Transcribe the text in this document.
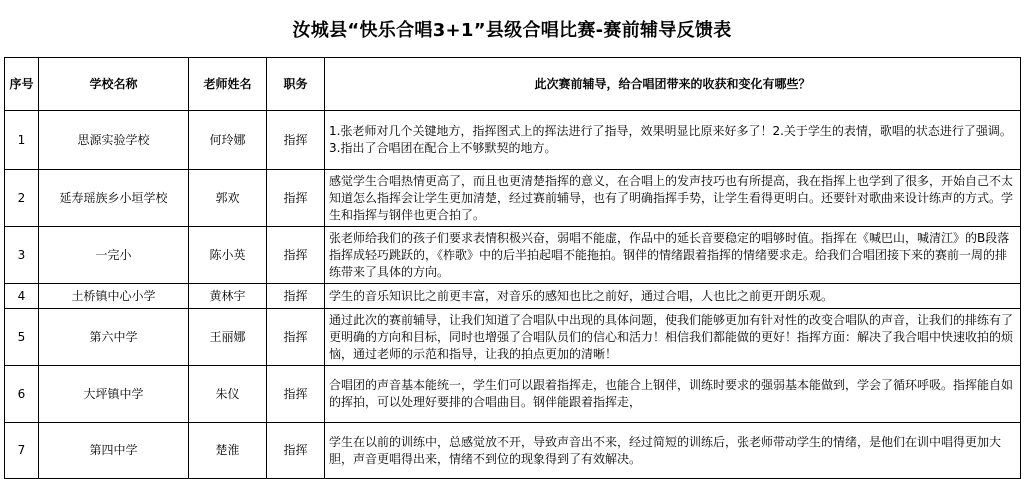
汝城县“快乐合唱3+1”县级合唱比赛-赛前辅导反馈表
序号	学校名称	老师姓名	职务	此次赛前辅导，给合唱团带来的收获和变化有哪些？
1	思源实验学校	何玲娜	指挥	1.张老师对几个关键地方，指挥图式上的挥法进行了指导，效果明显比原来好多了！2.关于学生的表情，歌唱的状态进行了强调。3.指出了合唱团在配合上不够默契的地方。
2	延寿瑶族乡小垣学校	郭欢	指挥	感觉学生合唱热情更高了，而且也更清楚指挥的意义，在合唱上的发声技巧也有所提高，我在指挥上也学到了很多，开始自己不太知道怎么指挥会让学生更加清楚，经过赛前辅导，也有了明确指挥手势，让学生看得更明白。还要针对歌曲来设计练声的方式。学生和指挥与钢伴也更合拍了。
3	一完小	陈小英	指挥	张老师给我们的孩子们要求表情积极兴奋，弱唱不能虚，作品中的延长音要稳定的唱够时值。指挥在《喊巴山，喊清江》的B段落指挥成轻巧跳跃的，《柞歌》中的后半拍起唱不能拖拍。钢伴的情绪跟着指挥的情绪要求走。给我们合唱团接下来的赛前一周的排练带来了具体的方向。
4	土桥镇中心小学	黄林宇	指挥	学生的音乐知识比之前更丰富，对音乐的感知也比之前好，通过合唱，人也比之前更开朗乐观。
5	第六中学	王丽娜	指挥	通过此次的赛前辅导，让我们知道了合唱队中出现的具体问题，使我们能够更加有针对性的改变合唱队的声音，让我们的排练有了更明确的方向和目标，同时也增强了合唱队员们的信心和活力！相信我们都能做的更好！指挥方面：解决了我合唱中快速收拍的烦恼，通过老师的示范和指导，让我的拍点更加的清晰！
6	大坪镇中学	朱仪	指挥	合唱团的声音基本能统一，学生们可以跟着指挥走，也能合上钢伴，训练时要求的强弱基本能做到，学会了循环呼吸。指挥能自如的挥拍，可以处理好要排的合唱曲目。钢伴能跟着指挥走，
7	第四中学	楚淮	指挥	学生在以前的训练中，总感觉放不开，导致声音出不来，经过简短的训练后，张老师带动学生的情绪，是他们在训中唱得更加大胆，声音更唱得出来，情绪不到位的现象得到了有效解决。
